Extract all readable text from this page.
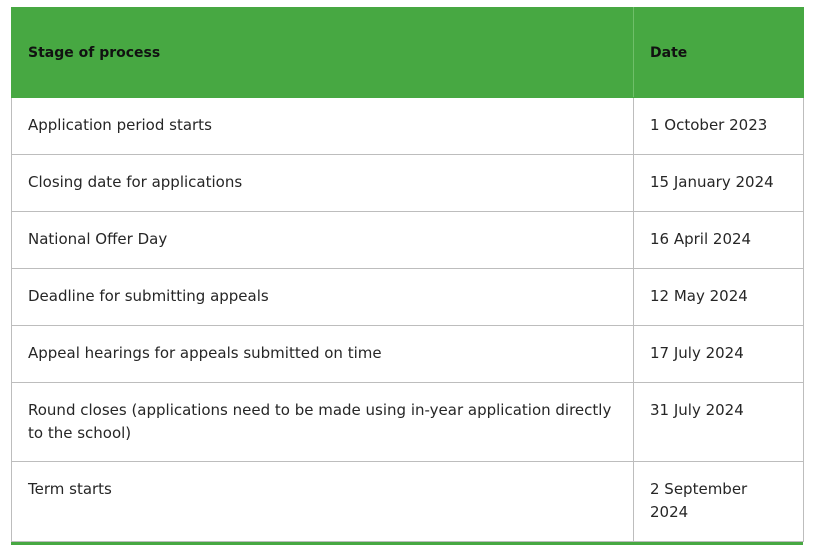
Stage of process	Date
Application period starts	1 October 2023
Closing date for applications	15 January 2024
National Offer Day	16 April 2024
Deadline for submitting appeals	12 May 2024
Appeal hearings for appeals submitted on time	17 July 2024
Round closes (applications need to be made using in-year application directly to the school)	31 July 2024
Term starts	2 September 2024
